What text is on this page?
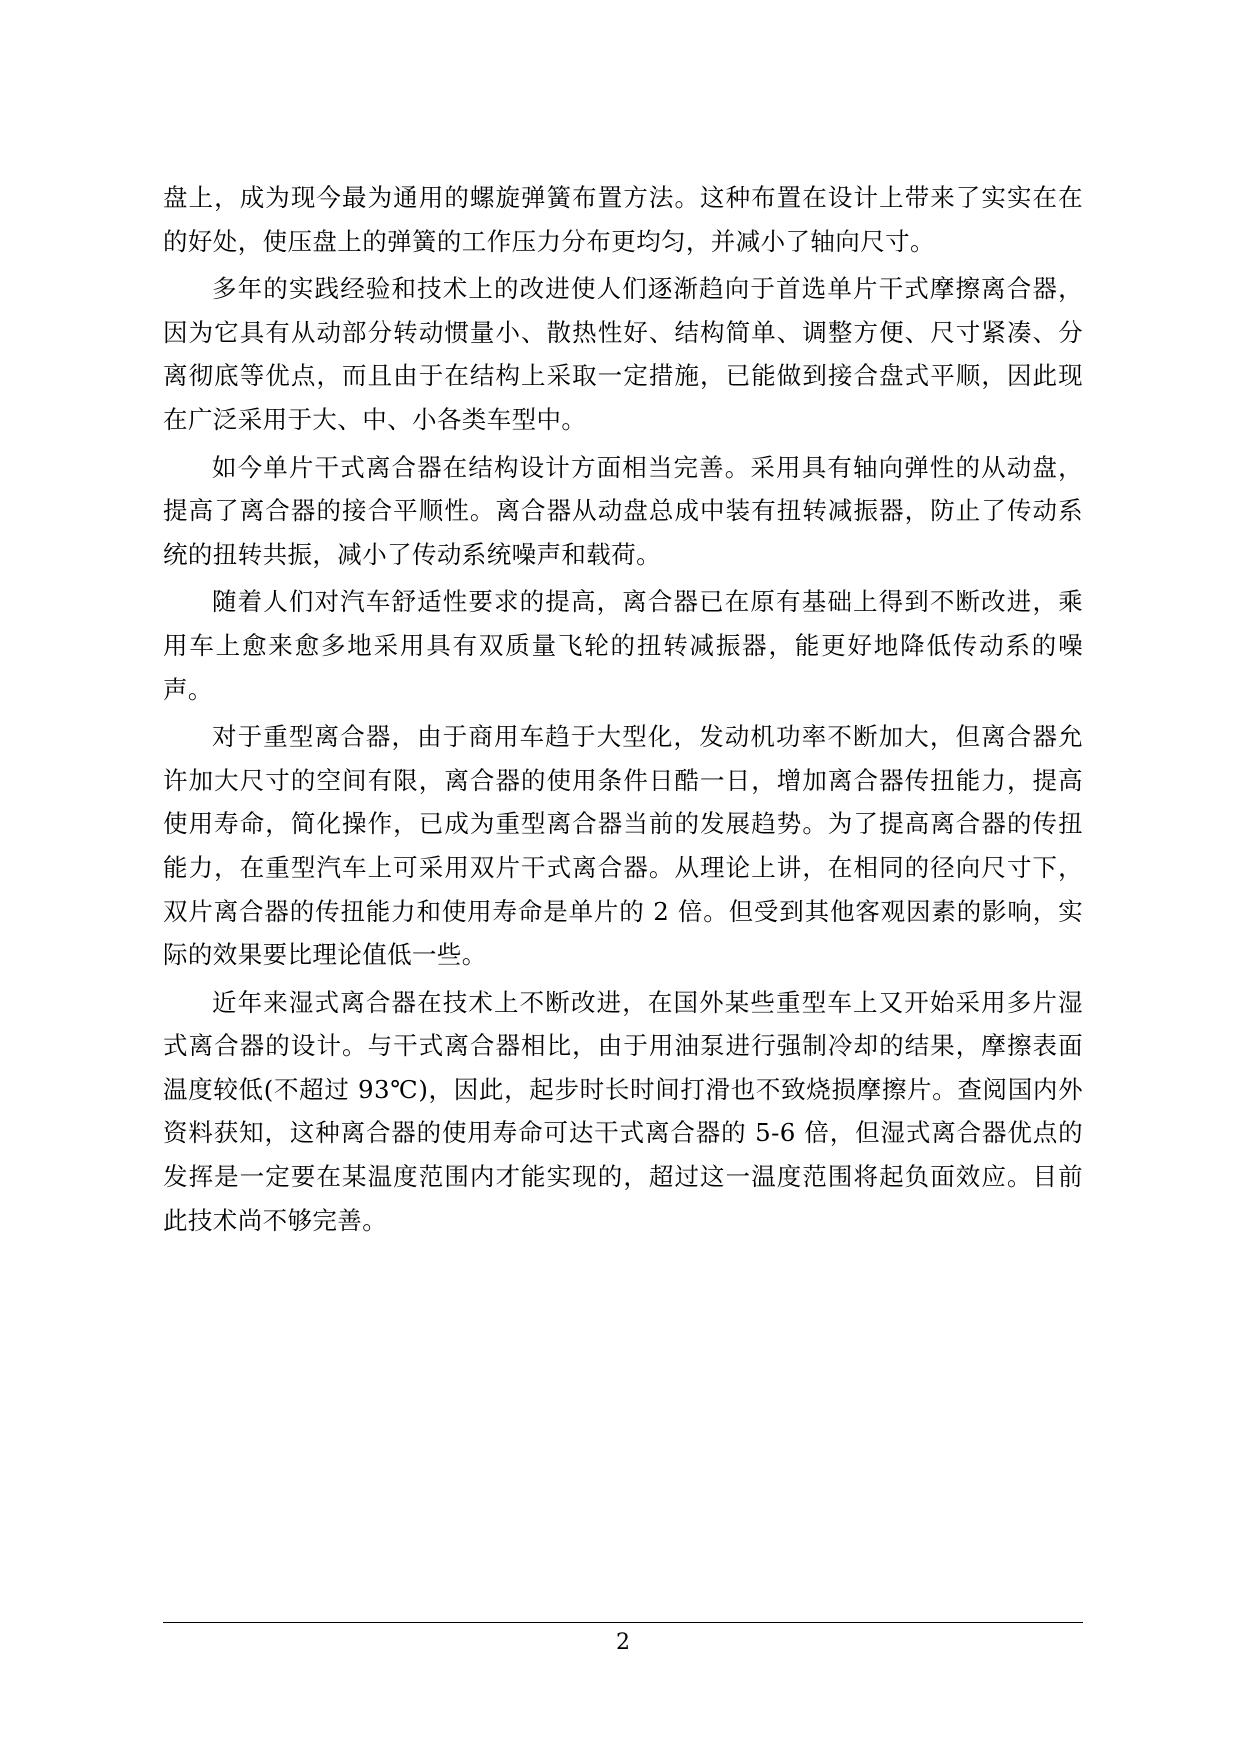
盘上，成为现今最为通用的螺旋弹簧布置方法。这种布置在设计上带来了实实在在的好处，使压盘上的弹簧的工作压力分布更均匀，并减小了轴向尺寸。

多年的实践经验和技术上的改进使人们逐渐趋向于首选单片干式摩擦离合器，因为它具有从动部分转动惯量小、散热性好、结构简单、调整方便、尺寸紧凑、分离彻底等优点，而且由于在结构上采取一定措施，已能做到接合盘式平顺，因此现在广泛采用于大、中、小各类车型中。

如今单片干式离合器在结构设计方面相当完善。采用具有轴向弹性的从动盘，提高了离合器的接合平顺性。离合器从动盘总成中装有扭转减振器，防止了传动系统的扭转共振，减小了传动系统噪声和载荷。

随着人们对汽车舒适性要求的提高，离合器已在原有基础上得到不断改进，乘用车上愈来愈多地采用具有双质量飞轮的扭转减振器，能更好地降低传动系的噪声。

对于重型离合器，由于商用车趋于大型化，发动机功率不断加大，但离合器允许加大尺寸的空间有限，离合器的使用条件日酷一日，增加离合器传扭能力，提高使用寿命，简化操作，已成为重型离合器当前的发展趋势。为了提高离合器的传扭能力，在重型汽车上可采用双片干式离合器。从理论上讲，在相同的径向尺寸下，双片离合器的传扭能力和使用寿命是单片的 2 倍。但受到其他客观因素的影响，实际的效果要比理论值低一些。

近年来湿式离合器在技术上不断改进，在国外某些重型车上又开始采用多片湿式离合器的设计。与干式离合器相比，由于用油泵进行强制冷却的结果，摩擦表面温度较低(不超过 93℃)，因此，起步时长时间打滑也不致烧损摩擦片。查阅国内外资料获知，这种离合器的使用寿命可达干式离合器的 5-6 倍，但湿式离合器优点的发挥是一定要在某温度范围内才能实现的，超过这一温度范围将起负面效应。目前此技术尚不够完善。

2
